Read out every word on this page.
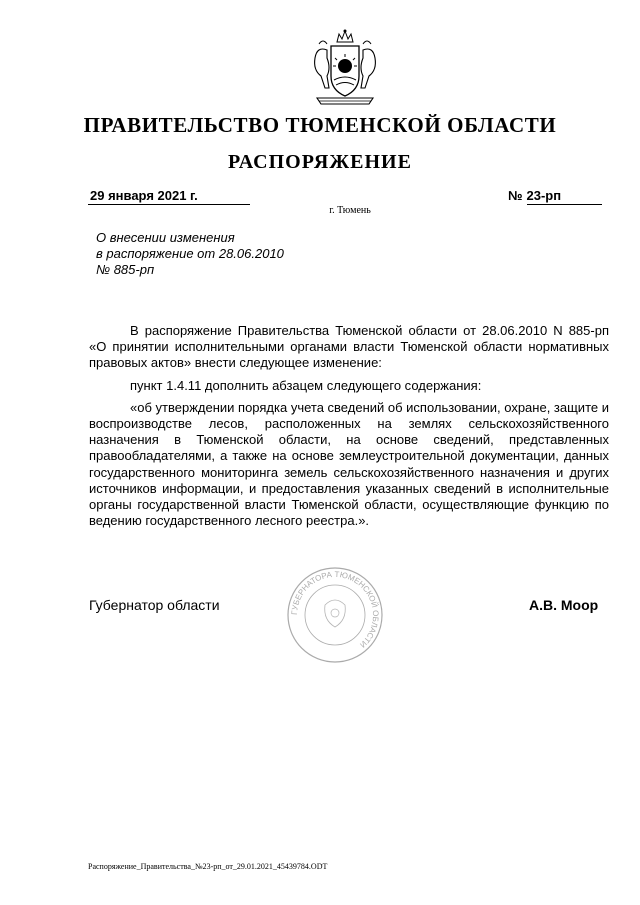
ПРАВИТЕЛЬСТВО ТЮМЕНСКОЙ ОБЛАСТИ
РАСПОРЯЖЕНИЕ
29 января 2021 г.	№ 23-рп
г. Тюмень
О внесении изменения
в распоряжение от 28.06.2010
№ 885-рп

В распоряжение Правительства Тюменской области от 28.06.2010 N 885-рп «О принятии исполнительными органами власти Тюменской области нормативных правовых актов» внести следующее изменение:

пункт 1.4.11 дополнить абзацем следующего содержания:

«об утверждении порядка учета сведений об использовании, охране, защите и воспроизводстве лесов, расположенных на землях сельскохозяйственного назначения в Тюменской области, на основе сведений, представленных правообладателями, а также на основе землеустроительной документации, данных государственного мониторинга земель сельскохозяйственного назначения и других источников информации, и предоставления указанных сведений в исполнительные органы государственной власти Тюменской области, осуществляющие функцию по ведению государственного лесного реестра.».

ГУБЕРНАТОРА ТЮМЕНСКОЙ ОБЛАСТИ
Губернатор области	А.В. Моор
Распоряжение_Правительства_№23-рп_от_29.01.2021_45439784.ODT
